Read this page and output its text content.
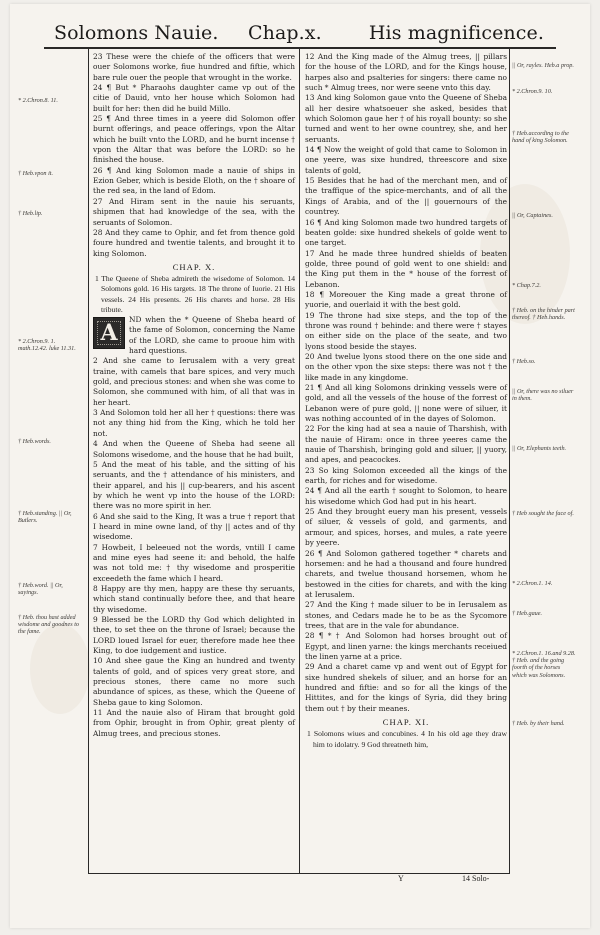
Solomons Nauie. Chap.x. His magnificence.

23 These were the chiefe of the officers that were ouer Solomons worke, fiue hundred and fiftie, which bare rule ouer the people that wrought in the worke.

24 ¶ But * Pharaohs daughter came vp out of the citie of Dauid, vnto her house which Solomon had built for her: then did he build Millo.

25 ¶ And three times in a yeere did Solomon offer burnt offerings, and peace offerings, vpon the Altar which he built vnto the LORD, and he burnt incense † vpon the Altar that was before the LORD: so he finished the house.

26 ¶ And king Solomon made a nauie of ships in Ezion Geber, which is beside Eloth, on the † shoare of the red sea, in the land of Edom.

27 And Hiram sent in the nauie his seruants, shipmen that had knowledge of the sea, with the seruants of Solomon.

28 And they came to Ophir, and fet from thence gold foure hundred and twentie talents, and brought it to king Solomon.

CHAP. X.

1 The Queene of Sheba admireth the wisedome of Solomon. 14 Solomons gold. 16 His targets. 18 The throne of Iuorie. 21 His vessels. 24 His presents. 26 His charets and horse. 28 His tribute.

A

ND when the * Queene of Sheba heard of the fame of Solomon, concerning the Name of the LORD, she came to prooue him with hard questions.

2 And she came to Ierusalem with a very great traine, with camels that bare spices, and very much gold, and precious stones: and when she was come to Solomon, she communed with him, of all that was in her heart.

3 And Solomon told her all her † questions: there was not any thing hid from the King, which he told her not.

4 And when the Queene of Sheba had seene all Solomons wisedome, and the house that he had built,

5 And the meat of his table, and the sitting of his seruants, and the † attendance of his ministers, and their apparel, and his || cup-bearers, and his ascent by which he went vp into the house of the LORD: there was no more spirit in her.

6 And she said to the King, It was a true † report that I heard in mine owne land, of thy || actes and of thy wisedome.

7 Howbeit, I beleeued not the words, vntill I came and mine eyes had seene it: and behold, the halfe was not told me: † thy wisedome and prosperitie exceedeth the fame which I heard.

8 Happy are thy men, happy are these thy seruants, which stand continually before thee, and that heare thy wisedome.

9 Blessed be the LORD thy God which delighted in thee, to set thee on the throne of Israel; because the LORD loued Israel for euer, therefore made hee thee King, to doe iudgement and iustice.

10 And shee gaue the King an hundred and twenty talents of gold, and of spices very great store, and precious stones, there came no more such abundance of spices, as these, which the Queene of Sheba gaue to king Solomon.

11 And the nauie also of Hiram that brought gold from Ophir, brought in from Ophir, great plenty of Almug trees, and precious stones.

12 And the King made of the Almug trees, || pillars for the house of the LORD, and for the Kings house, harpes also and psalteries for singers: there came no such * Almug trees, nor were seene vnto this day.

13 And king Solomon gaue vnto the Queene of Sheba all her desire whatsoeuer she asked, besides that which Solomon gaue her † of his royall bounty: so she turned and went to her owne countrey, she, and her seruants.

14 ¶ Now the weight of gold that came to Solomon in one yeere, was sixe hundred, threescore and sixe talents of gold,

15 Besides that he had of the merchant men, and of the traffique of the spice-merchants, and of all the Kings of Arabia, and of the || gouernours of the countrey.

16 ¶ And king Solomon made two hundred targets of beaten golde: sixe hundred shekels of golde went to one target.

17 And he made three hundred shields of beaten golde, three pound of gold went to one shield: and the King put them in the * house of the forrest of Lebanon.

18 ¶ Moreouer the King made a great throne of yuorie, and ouerlaid it with the best gold.

19 The throne had sixe steps, and the top of the throne was round † behinde: and there were † stayes on either side on the place of the seate, and two lyons stood beside the stayes.

20 And twelue lyons stood there on the one side and on the other vpon the sixe steps: there was not † the like made in any kingdome.

21 ¶ And all king Solomons drinking vessels were of gold, and all the vessels of the house of the forrest of Lebanon were of pure gold, || none were of siluer, it was nothing accounted of in the dayes of Solomon.

22 For the king had at sea a nauie of Tharshish, with the nauie of Hiram: once in three yeeres came the nauie of Tharshish, bringing gold and siluer, || yuory, and apes, and peacockes.

23 So king Solomon exceeded all the kings of the earth, for riches and for wisedome.

24 ¶ And all the earth † sought to Solomon, to heare his wisedome which God had put in his heart.

25 And they brought euery man his present, vessels of siluer, & vessels of gold, and garments, and armour, and spices, horses, and mules, a rate yeere by yeere.

26 ¶ And Solomon gathered together * charets and horsemen: and he had a thousand and foure hundred charets, and twelue thousand horsemen, whom he bestowed in the cities for charets, and with the king at Ierusalem.

27 And the King † made siluer to be in Ierusalem as stones, and Cedars made he to be as the Sycomore trees, that are in the vale for abundance.

28 ¶ * † And Solomon had horses brought out of Egypt, and linen yarne: the kings merchants receiued the linen yarne at a price.

29 And a charet came vp and went out of Egypt for sixe hundred shekels of siluer, and an horse for an hundred and fiftie: and so for all the kings of the Hittites, and for the kings of Syria, did they bring them out † by their meanes.

CHAP. XI.

1 Solomons wiues and concubines. 4 In his old age they draw him to idolatry. 9 God threatneth him,

* 2.Chron.8. 11.
† Heb.vpon it.
† Heb.lip.
* 2.Chron.9. 1. math.12.42. luke 11.31.
† Heb.words.
† Heb.standing. || Or, Butlers.
† Heb.word. || Or, sayings.
† Heb. thou hast added wisdome and goodnes to the fame.
|| Or, rayles. Heb.a prop.
* 2.Chron.9. 10.
† Heb.according to the hand of king Solomon.
|| Or, Captaines.
* Chap.7.2.
† Heb. on the hinder part thereof. † Heb.hands.
† Heb.so.
|| Or, there was no siluer in them.
|| Or, Elephants teeth.
† Heb sought the face of.
* 2.Chron.1. 14.
† Heb.gaue.
* 2.Chron.1. 16.and 9.28. † Heb. and the going foorth of the horses which was Solomons.
† Heb. by their hand.
Y	14 Solo-
